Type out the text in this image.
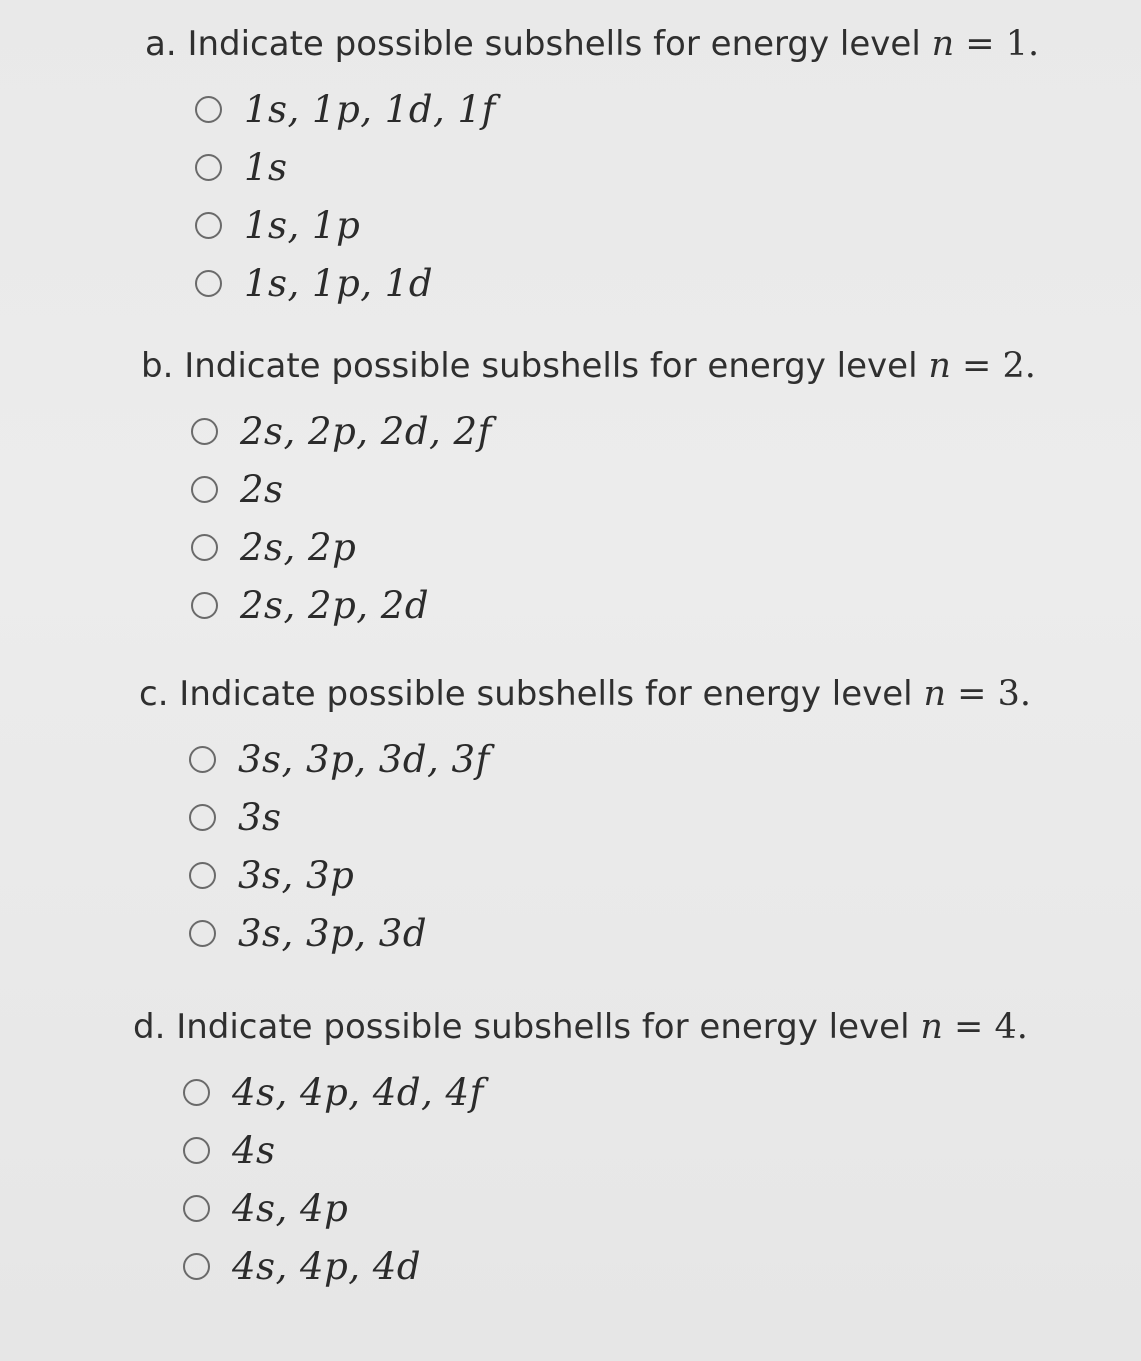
a. Indicate possible subshells for energy level n = 1.
1s, 1p, 1d, 1f
1s
1s, 1p
1s, 1p, 1d
b. Indicate possible subshells for energy level n = 2.
2s, 2p, 2d, 2f
2s
2s, 2p
2s, 2p, 2d
c. Indicate possible subshells for energy level n = 3.
3s, 3p, 3d, 3f
3s
3s, 3p
3s, 3p, 3d
d. Indicate possible subshells for energy level n = 4.
4s, 4p, 4d, 4f
4s
4s, 4p
4s, 4p, 4d
